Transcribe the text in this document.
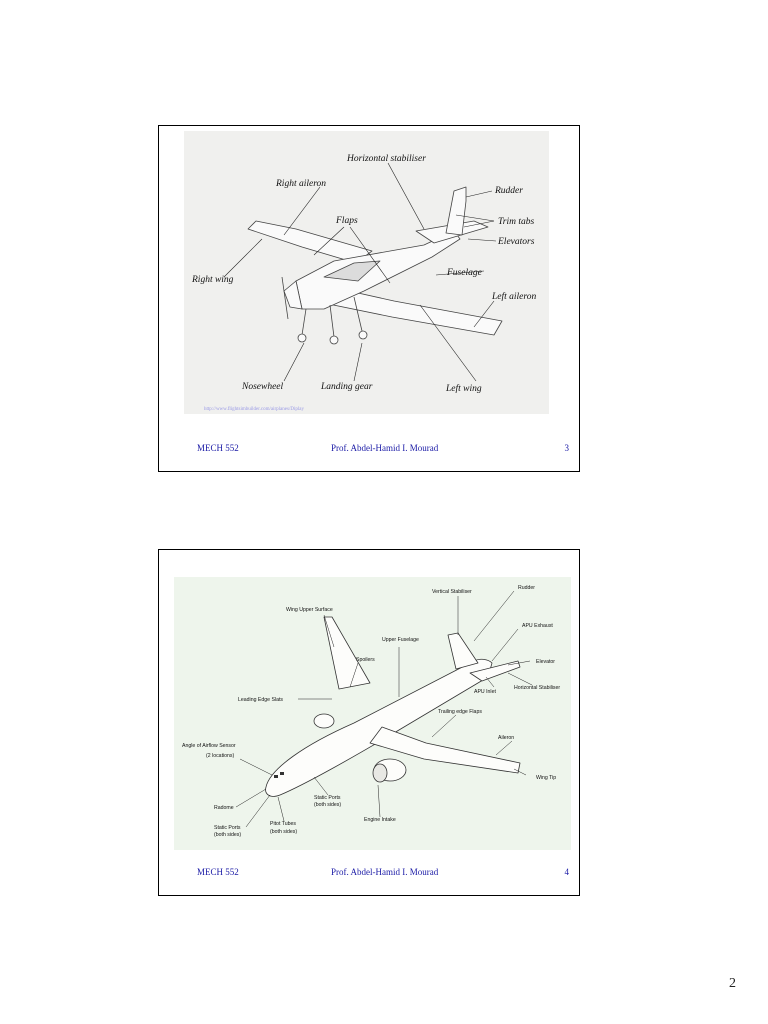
Horizontal stabiliser
Right aileron
Rudder
Trim tabs
Flaps
Elevators
Right wing
Fuselage
Left aileron
Nosewheel	Landing gear	Left wing
http://www.flightsimbuilder.com/airplanes/Diplay
MECH 552	Prof. Abdel-Hamid I. Mourad	3
Vertical Stabiliser
Rudder
Wing Upper Surface
Upper Fuselage
APU Exhaust
Spoilers	Elevator
Horizontal Stabiliser
APU Inlet
Leading Edge Slats
Trailing edge Flaps
Aileron
Angle of Airflow Sensor
(2 locations)
Wing Tip
Static Ports
(both sides)
Radome
Engine Intake
Static Ports
(both sides)
Pitot Tubes
(both sides)
MECH 552	Prof. Abdel-Hamid I. Mourad	4
2
